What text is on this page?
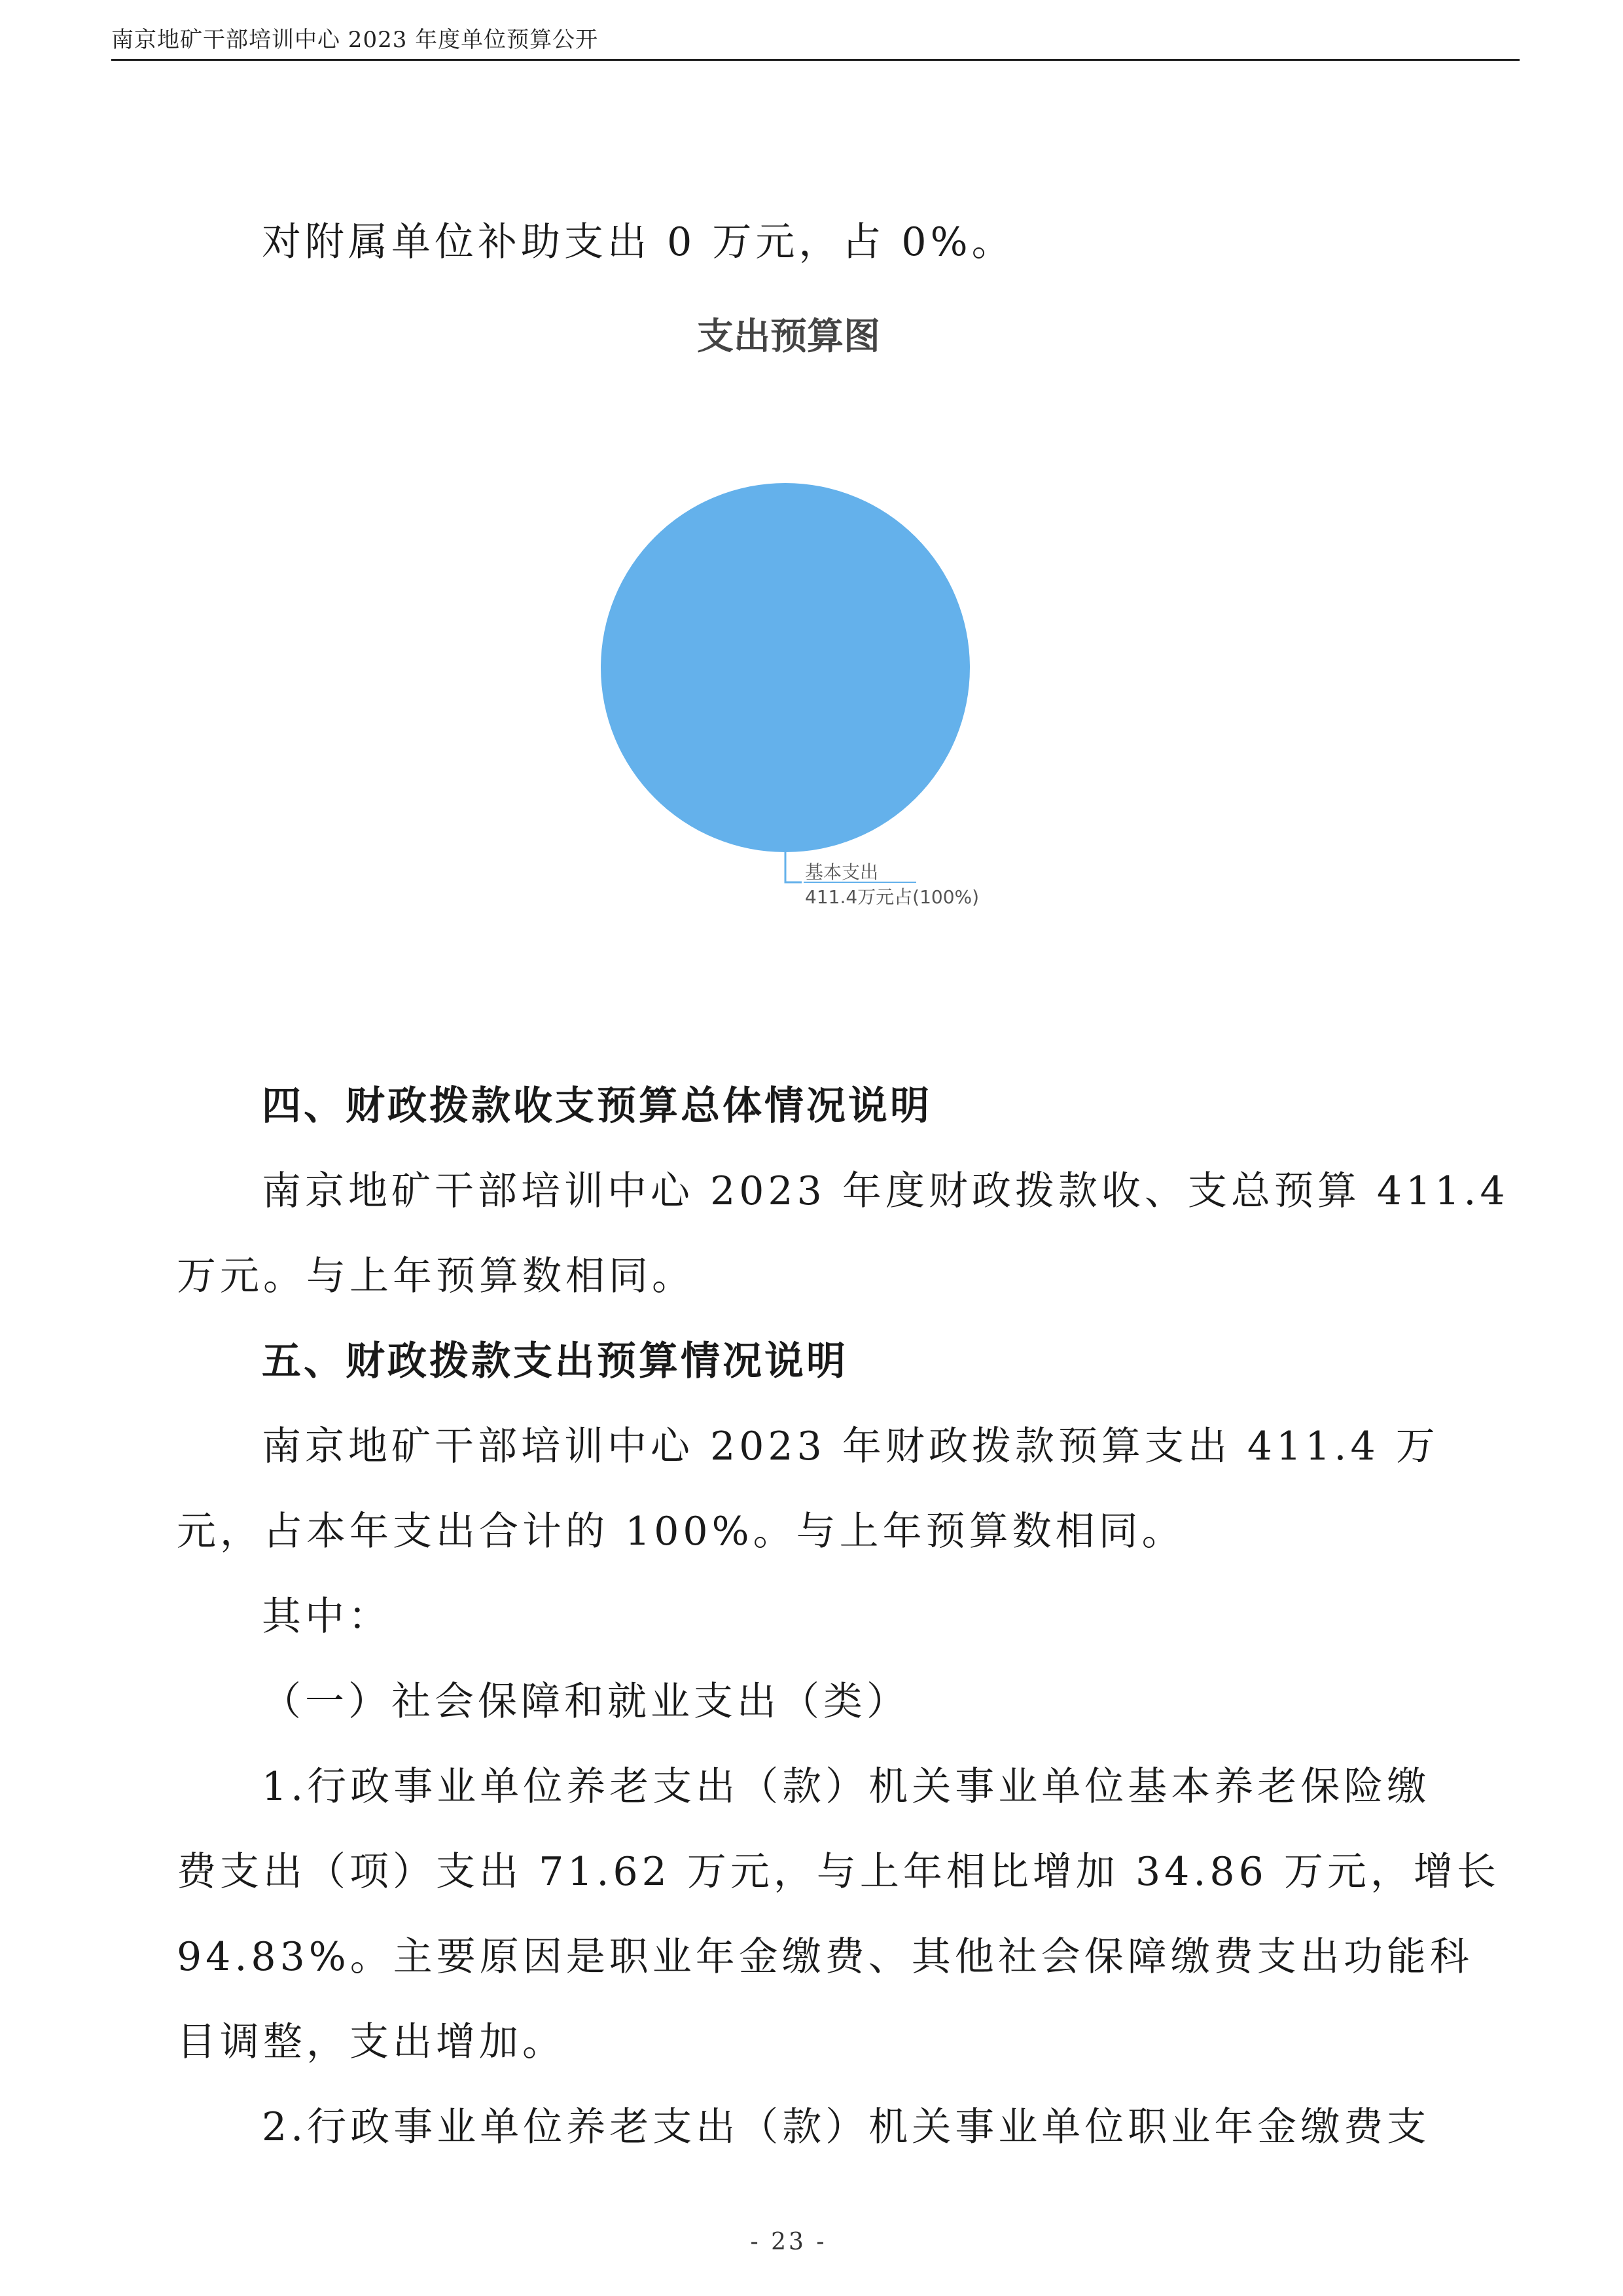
南京地矿干部培训中心 2023 年度单位预算公开

对附属单位补助支出 0 万元，占 0%。

支出预算图
基本支出
411.4万元占(100%)
四、财政拨款收支预算总体情况说明

南京地矿干部培训中心 2023 年度财政拨款收、支总预算 411.4

万元。与上年预算数相同。

五、财政拨款支出预算情况说明

南京地矿干部培训中心 2023 年财政拨款预算支出 411.4 万

元，占本年支出合计的 100%。与上年预算数相同。

其中：

（一）社会保障和就业支出（类）

1.行政事业单位养老支出（款）机关事业单位基本养老保险缴

费支出（项）支出 71.62 万元，与上年相比增加 34.86 万元，增长

94.83%。主要原因是职业年金缴费、其他社会保障缴费支出功能科

目调整，支出增加。

2.行政事业单位养老支出（款）机关事业单位职业年金缴费支

- 23 -
